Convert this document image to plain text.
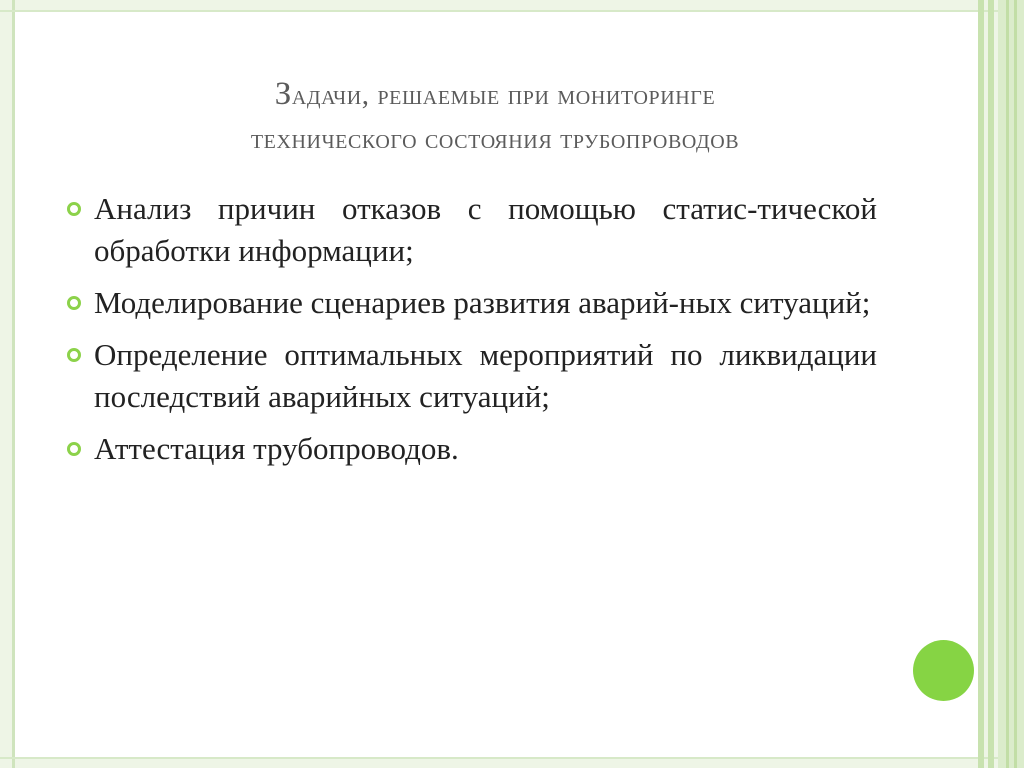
Задачи, решаемые при мониторинге
технического состояния трубопроводов
Анализ причин отказов с помощью статис-тической обработки информации;
Моделирование сценариев развития аварий-ных ситуаций;
Определение оптимальных мероприятий по ликвидации последствий аварийных ситуаций;
Аттестация трубопроводов.
